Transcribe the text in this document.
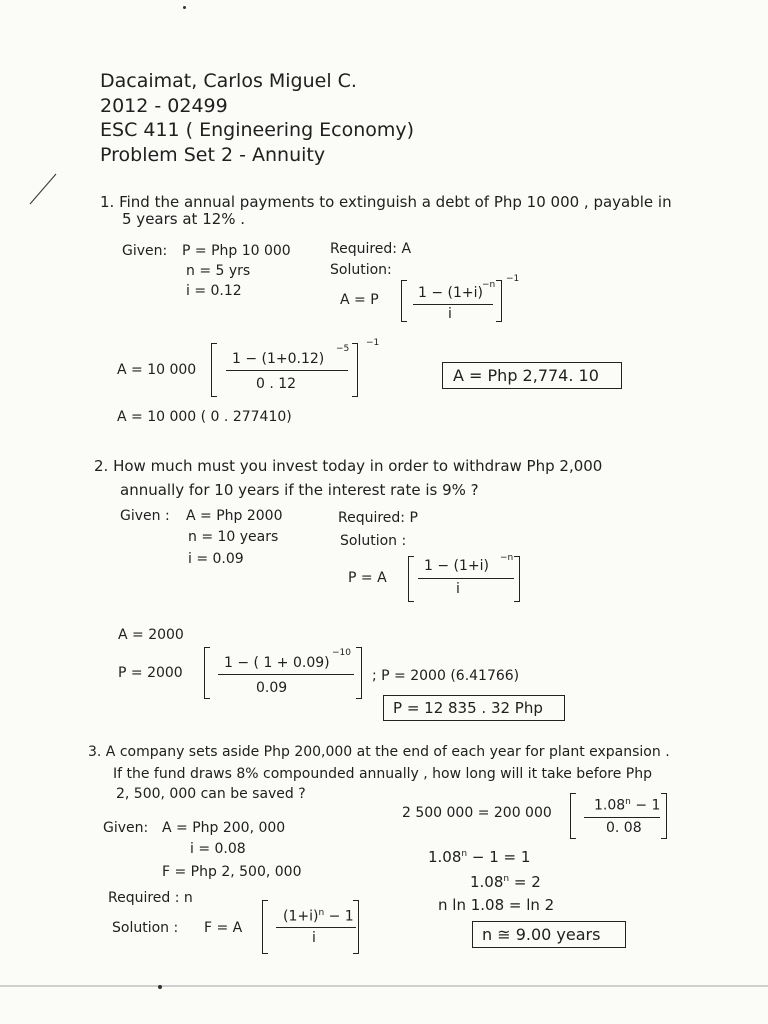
Dacaimat, Carlos Miguel C.
2012 - 02499
ESC 411 ( Engineering Economy)
Problem Set 2 - Annuity
1. Find the annual payments to extinguish a debt of Php 10 000 , payable in
5 years at 12% .
Given: P = Php 10 000
n = 5 yrs
i = 0.12
Required: A
Solution:
A = P	1 − (1+i) −n
i
−1
A = 10 000
1 − (1+0.12)
−5
0 . 12
−1
A = 10 000 ( 0 . 277410)
A = Php 2,774. 10
2. How much must you invest today in order to withdraw Php 2,000
annually for 10 years if the interest rate is 9% ?
Given : A = Php 2000
n = 10 years
i = 0.09
Required: P
Solution :
P = A
1 − (1+i) −n
i
A = 2000
P = 2000
1 − ( 1 + 0.09)
−10
0.09
; P = 2000 (6.41766)
P = 12 835 . 32 Php
3. A company sets aside Php 200,000 at the end of each year for plant expansion .
If the fund draws 8% compounded annually , how long will it take before Php
2, 500, 000 can be saved ?
2 500 000 = 200 000	$1.08^n - 1$
0. 08
Given: A = Php 200, 000
i = 0.08
F = Php 2, 500, 000
Required : n
Solution : F = A
$(1+i)^n - 1$
i
$1.08^n - 1 = 1$
$1.08^n = 2$
n ln 1.08 = ln 2
n ≅ 9.00 years
